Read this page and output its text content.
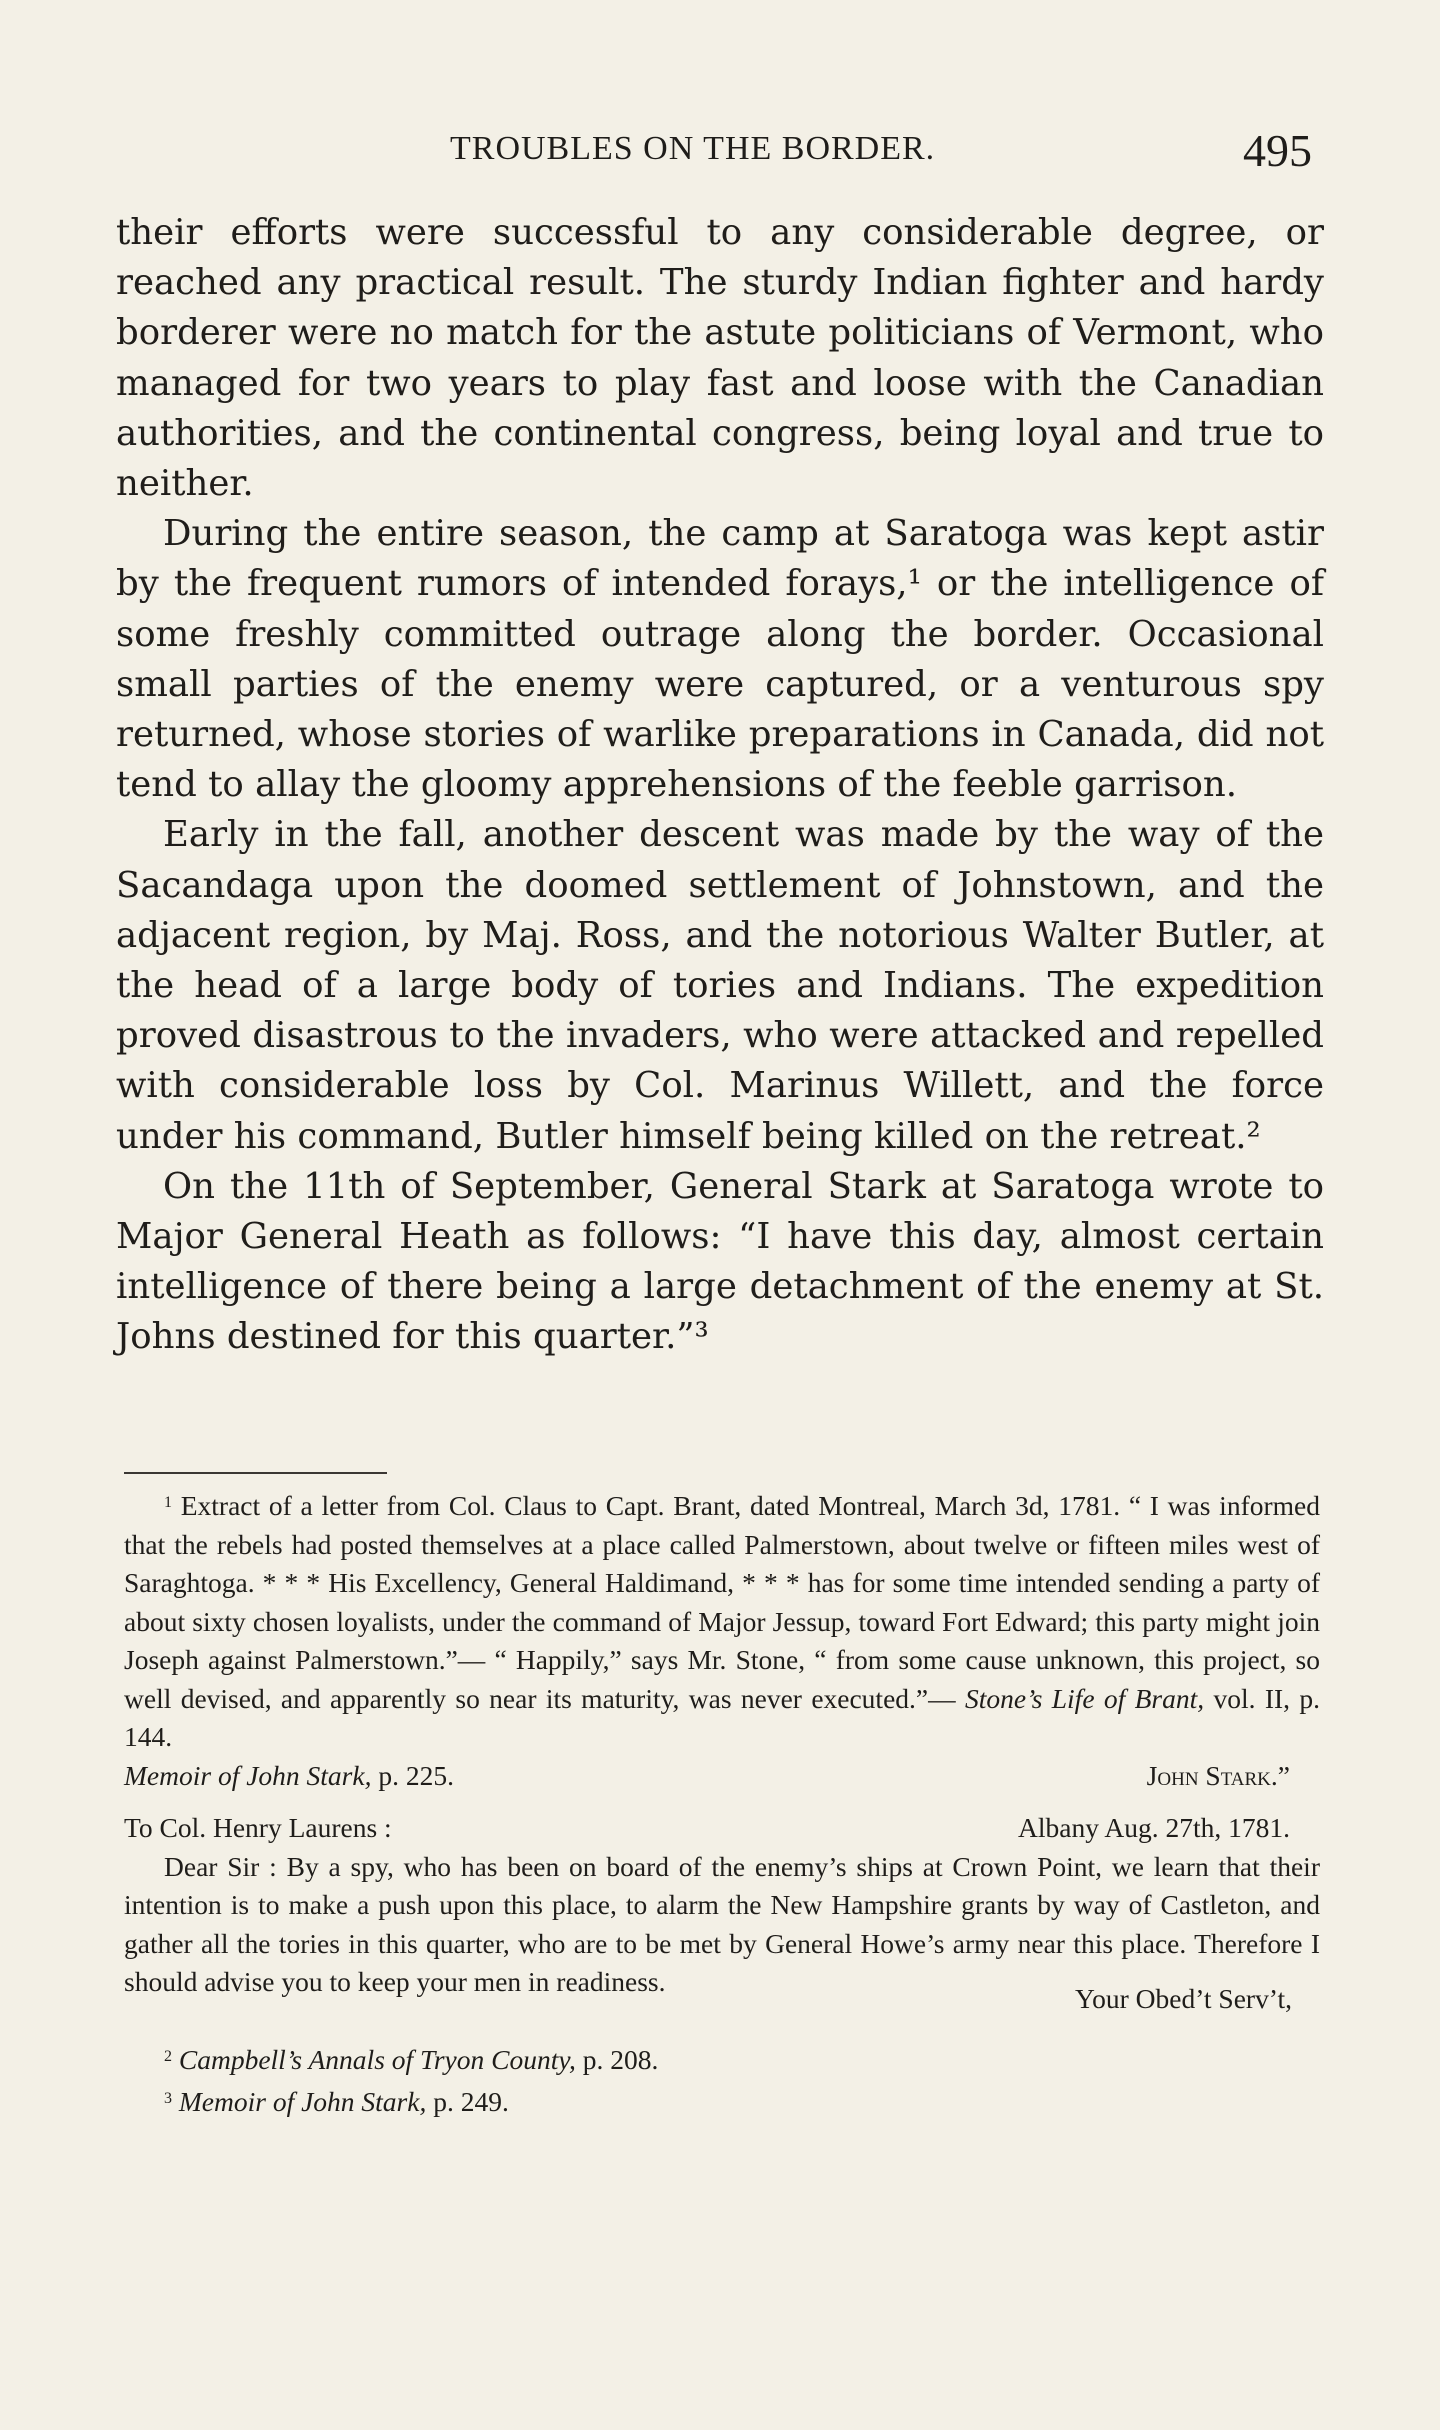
TROUBLES ON THE BORDER.	495

their efforts were successful to any considerable degree, or reached any practical result. The sturdy Indian fighter and hardy borderer were no match for the astute politicians of Vermont, who managed for two years to play fast and loose with the Canadian authorities, and the continental congress, being loyal and true to neither.

During the entire season, the camp at Saratoga was kept astir by the frequent rumors of intended forays,¹ or the intelligence of some freshly committed outrage along the border. Occasional small parties of the enemy were captured, or a venturous spy returned, whose stories of warlike preparations in Canada, did not tend to allay the gloomy apprehensions of the feeble garrison.

Early in the fall, another descent was made by the way of the Sacandaga upon the doomed settlement of Johnstown, and the adjacent region, by Maj. Ross, and the notorious Walter Butler, at the head of a large body of tories and Indians. The expedition proved disastrous to the invaders, who were attacked and repelled with considerable loss by Col. Marinus Willett, and the force under his command, Butler himself being killed on the retreat.²

On the 11th of September, General Stark at Saratoga wrote to Major General Heath as follows: “I have this day, almost certain intelligence of there being a large detachment of the enemy at St. Johns destined for this quarter.”³

$^1$ Extract of a letter from Col. Claus to Capt. Brant, dated Montreal, March 3d, 1781. “ I was informed that the rebels had posted themselves at a place called Palmerstown, about twelve or fifteen miles west of Saraghtoga. * * * His Excellency, General Haldimand, * * * has for some time intended sending a party of about sixty chosen loyalists, under the command of Major Jessup, toward Fort Edward; this party might join Joseph against Palmerstown.”— “ Happily,” says Mr. Stone, “ from some cause unknown, this project, so well devised, and apparently so near its maturity, was never executed.”— Stone’s Life of Brant, vol. II, p. 144.

Memoir of John Stark, p. 225.	John Stark.”
To Col. Henry Laurens :	Albany Aug. 27th, 1781.

Dear Sir : By a spy, who has been on board of the enemy’s ships at Crown Point, we learn that their intention is to make a push upon this place, to alarm the New Hampshire grants by way of Castleton, and gather all the tories in this quarter, who are to be met by General Howe’s army near this place. Therefore I should advise you to keep your men in readiness.

Your Obed’t Serv’t,

$^2$ Campbell’s Annals of Tryon County, p. 208.

$^3$ Memoir of John Stark, p. 249.
